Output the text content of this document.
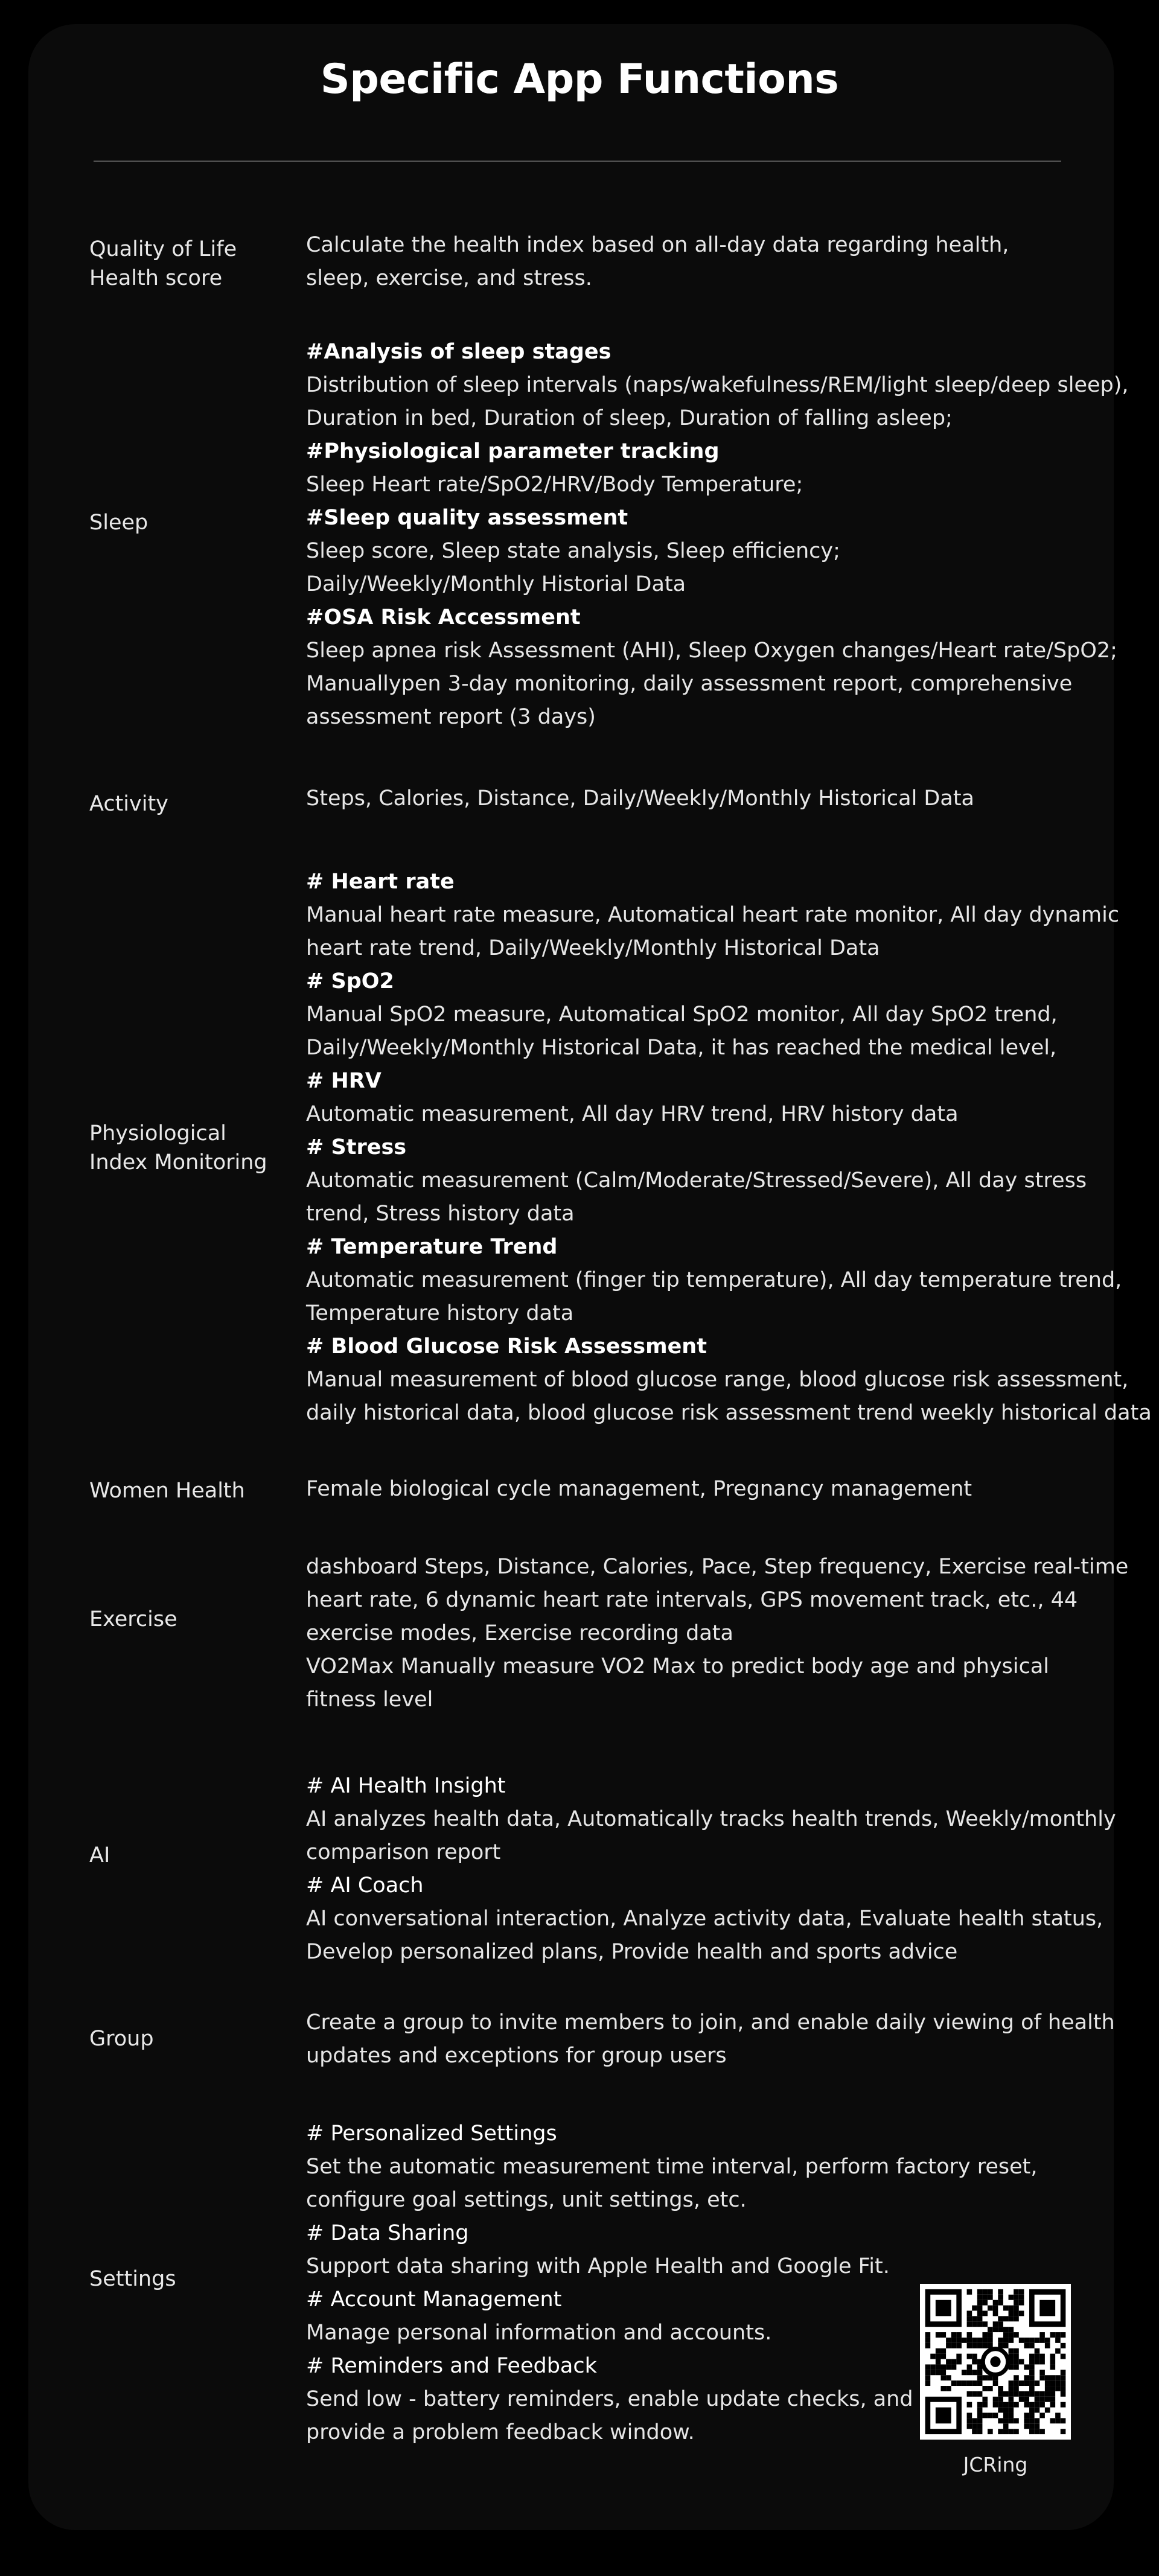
Specific App Functions
Quality of Life
Health score
Calculate the health index based on all-day data regarding health,
sleep, exercise, and stress.
Sleep
#Analysis of sleep stages
Distribution of sleep intervals (naps/wakefulness/REM/light sleep/deep sleep),
Duration in bed, Duration of sleep, Duration of falling asleep;
#Physiological parameter tracking
Sleep Heart rate/SpO2/HRV/Body Temperature;
#Sleep quality assessment
Sleep score, Sleep state analysis, Sleep efficiency;
Daily/Weekly/Monthly Historial Data
#OSA Risk Accessment
Sleep apnea risk Assessment (AHI), Sleep Oxygen changes/Heart rate/SpO2;
Manuallypen 3-day monitoring, daily assessment report, comprehensive
assessment report (3 days)
Activity	Steps, Calories, Distance, Daily/Weekly/Monthly Historical Data
Physiological
Index Monitoring
# Heart rate
Manual heart rate measure, Automatical heart rate monitor, All day dynamic
heart rate trend, Daily/Weekly/Monthly Historical Data
# SpO2
Manual SpO2 measure, Automatical SpO2 monitor, All day SpO2 trend,
Daily/Weekly/Monthly Historical Data, it has reached the medical level,
# HRV
Automatic measurement, All day HRV trend, HRV history data
# Stress
Automatic measurement (Calm/Moderate/Stressed/Severe), All day stress
trend, Stress history data
# Temperature Trend
Automatic measurement (finger tip temperature), All day temperature trend,
Temperature history data
# Blood Glucose Risk Assessment
Manual measurement of blood glucose range, blood glucose risk assessment,
daily historical data, blood glucose risk assessment trend weekly historical data
Women Health	Female biological cycle management, Pregnancy management
Exercise
dashboard Steps, Distance, Calories, Pace, Step frequency, Exercise real-time
heart rate, 6 dynamic heart rate intervals, GPS movement track, etc., 44
exercise modes, Exercise recording data
VO2Max Manually measure VO2 Max to predict body age and physical
fitness level
AI
# AI Health Insight
AI analyzes health data, Automatically tracks health trends, Weekly/monthly
comparison report
# AI Coach
AI conversational interaction, Analyze activity data, Evaluate health status,
Develop personalized plans, Provide health and sports advice
Group
Create a group to invite members to join, and enable daily viewing of health
updates and exceptions for group users
Settings
# Personalized Settings
Set the automatic measurement time interval, perform factory reset,
configure goal settings, unit settings, etc.
# Data Sharing
Support data sharing with Apple Health and Google Fit.
# Account Management
Manage personal information and accounts.
# Reminders and Feedback
Send low - battery reminders, enable update checks, and
provide a problem feedback window.
JCRing
